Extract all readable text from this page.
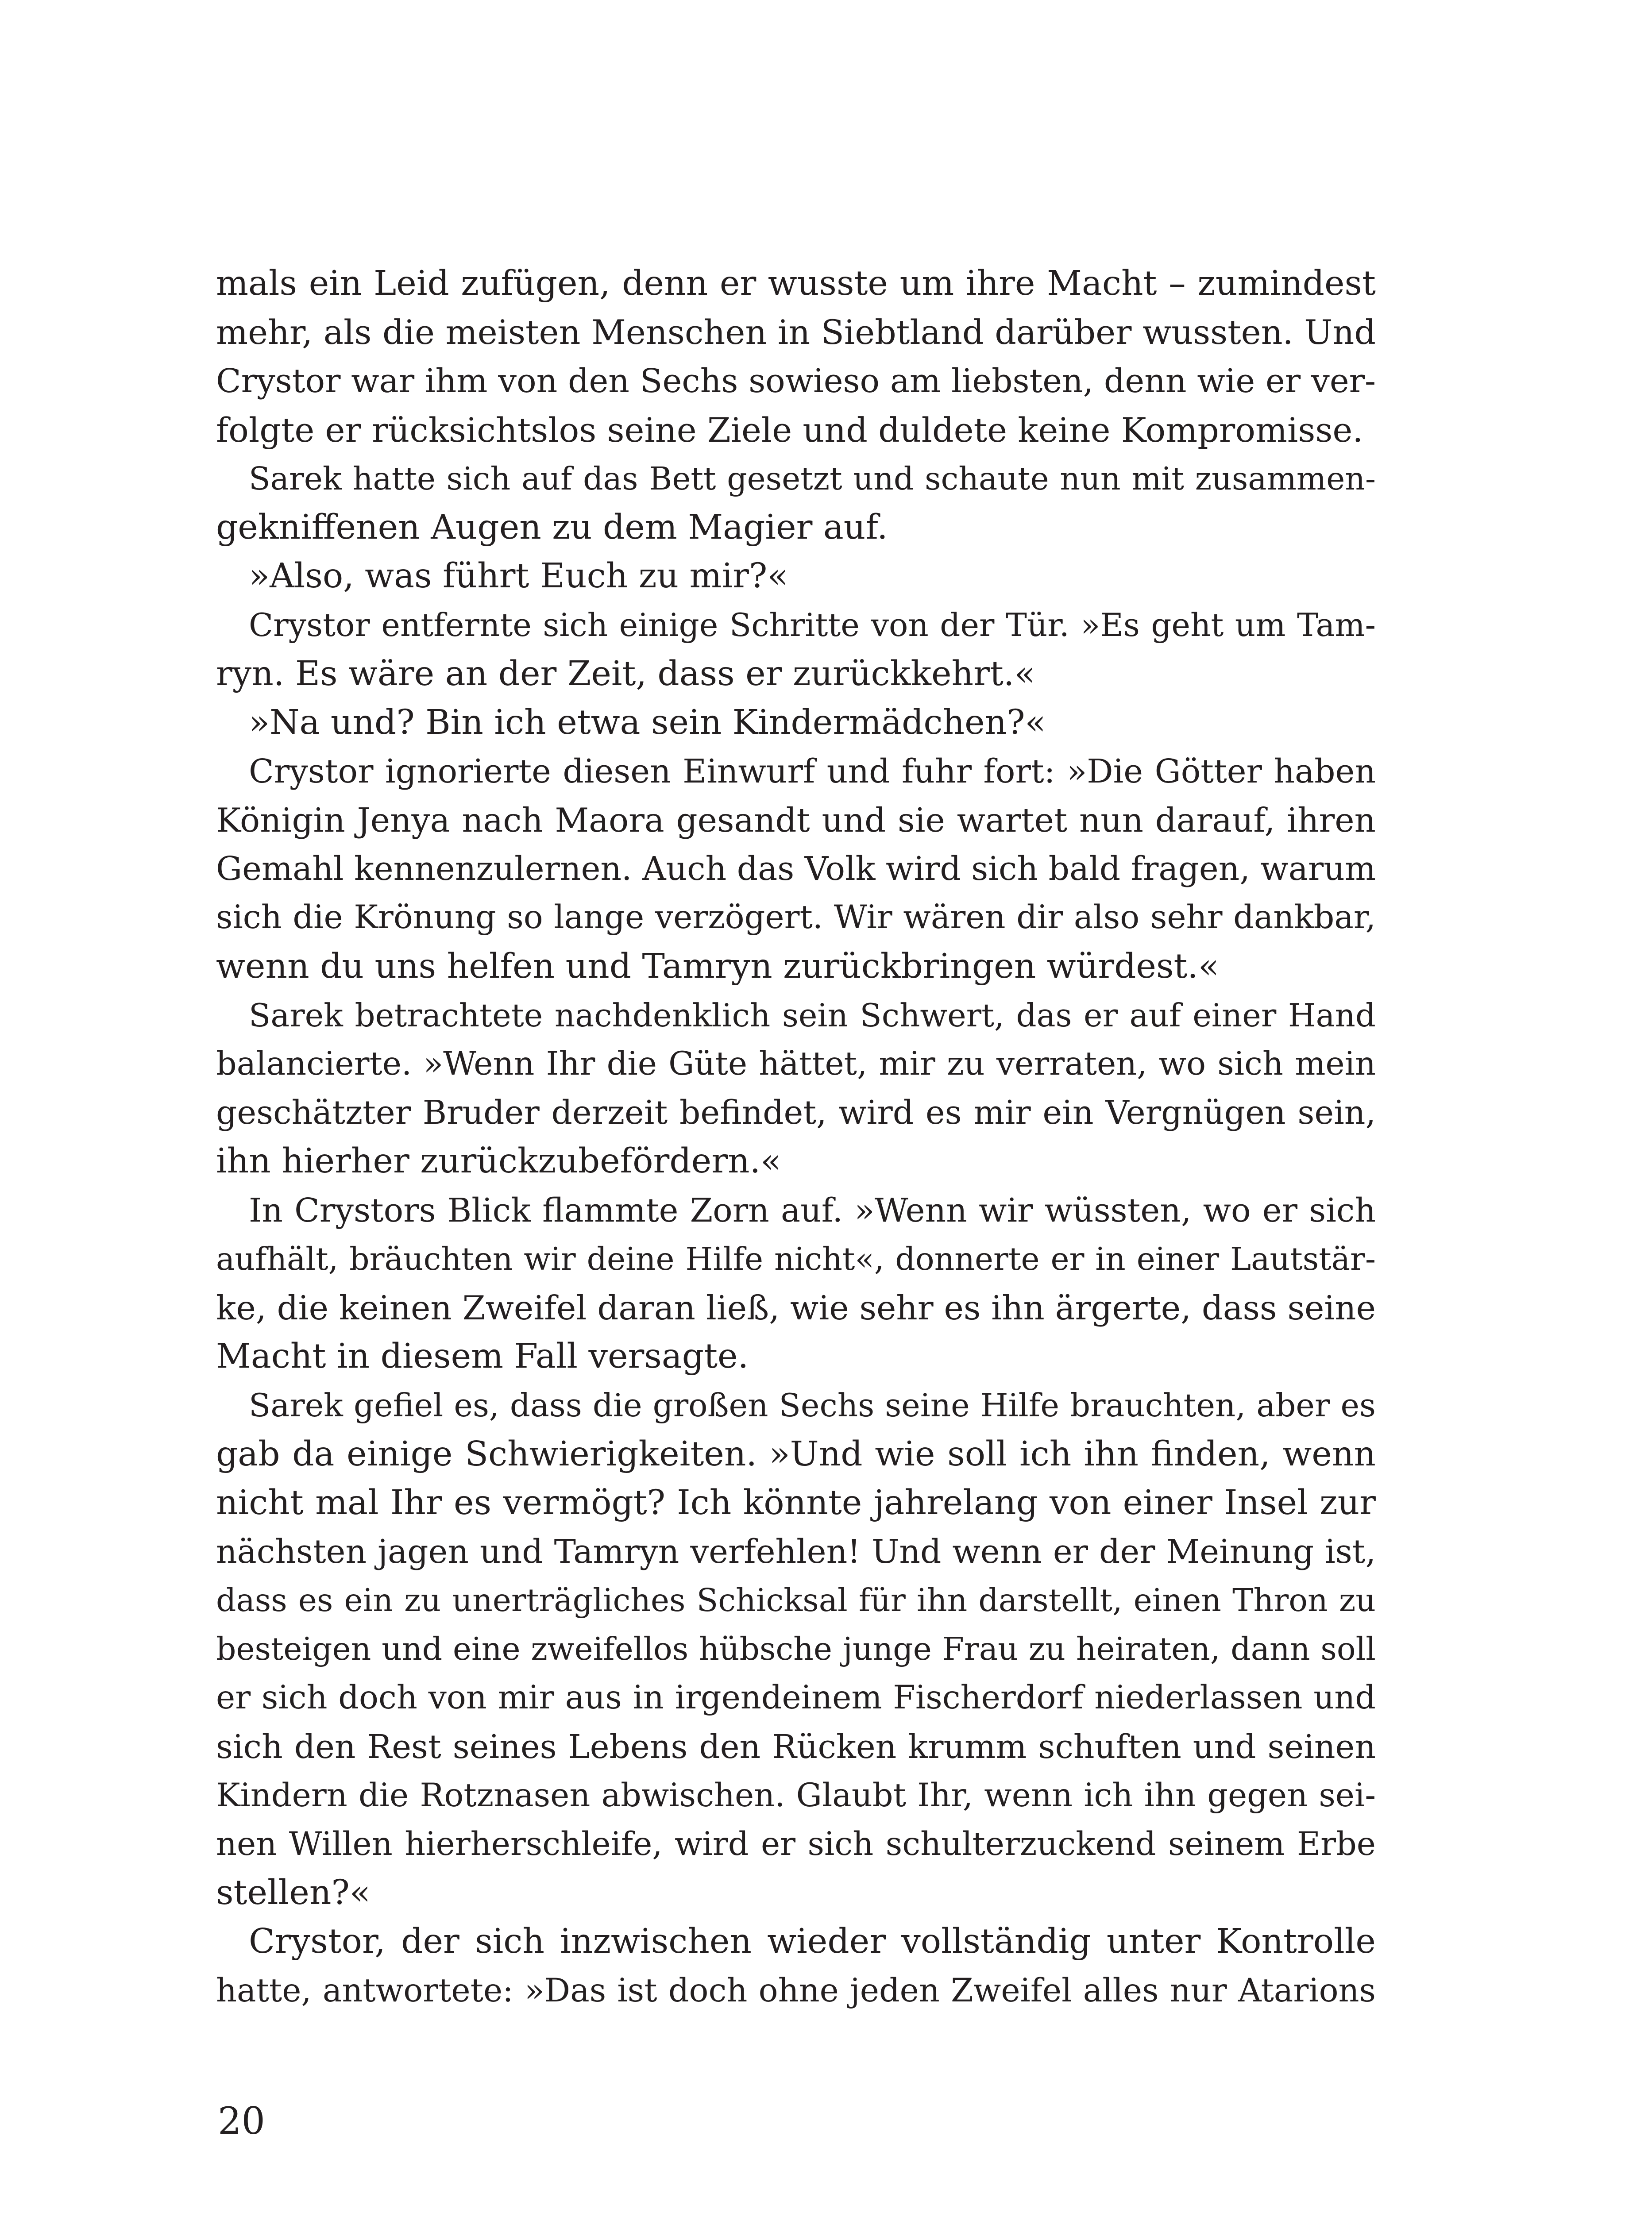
mals ein Leid zufügen, denn er wusste um ihre Macht – zumindest
mehr, als die meisten Menschen in Siebtland darüber wussten. Und
Crystor war ihm von den Sechs sowieso am liebsten, denn wie er ver-
folgte er rücksichtslos seine Ziele und duldete keine Kompromisse.
Sarek hatte sich auf das Bett gesetzt und schaute nun mit zusammen-
gekniffenen Augen zu dem Magier auf.
»Also, was führt Euch zu mir?«
Crystor entfernte sich einige Schritte von der Tür. »Es geht um Tam-
ryn. Es wäre an der Zeit, dass er zurückkehrt.«
»Na und? Bin ich etwa sein Kindermädchen?«
Crystor ignorierte diesen Einwurf und fuhr fort: »Die Götter haben
Königin Jenya nach Maora gesandt und sie wartet nun darauf, ihren
Gemahl kennenzulernen. Auch das Volk wird sich bald fragen, warum
sich die Krönung so lange verzögert. Wir wären dir also sehr dankbar,
wenn du uns helfen und Tamryn zurückbringen würdest.«
Sarek betrachtete nachdenklich sein Schwert, das er auf einer Hand
balancierte. »Wenn Ihr die Güte hättet, mir zu verraten, wo sich mein
geschätzter Bruder derzeit befindet, wird es mir ein Vergnügen sein,
ihn hierher zurückzubefördern.«
In Crystors Blick flammte Zorn auf. »Wenn wir wüssten, wo er sich
aufhält, bräuchten wir deine Hilfe nicht«, donnerte er in einer Lautstär-
ke, die keinen Zweifel daran ließ, wie sehr es ihn ärgerte, dass seine
Macht in diesem Fall versagte.
Sarek gefiel es, dass die großen Sechs seine Hilfe brauchten, aber es
gab da einige Schwierigkeiten. »Und wie soll ich ihn finden, wenn
nicht mal Ihr es vermögt? Ich könnte jahrelang von einer Insel zur
nächsten jagen und Tamryn verfehlen! Und wenn er der Meinung ist,
dass es ein zu unerträgliches Schicksal für ihn darstellt, einen Thron zu
besteigen und eine zweifellos hübsche junge Frau zu heiraten, dann soll
er sich doch von mir aus in irgendeinem Fischerdorf niederlassen und
sich den Rest seines Lebens den Rücken krumm schuften und seinen
Kindern die Rotznasen abwischen. Glaubt Ihr, wenn ich ihn gegen sei-
nen Willen hierherschleife, wird er sich schulterzuckend seinem Erbe
stellen?«
Crystor, der sich inzwischen wieder vollständig unter Kontrolle
hatte, antwortete: »Das ist doch ohne jeden Zweifel alles nur Atarions
20
